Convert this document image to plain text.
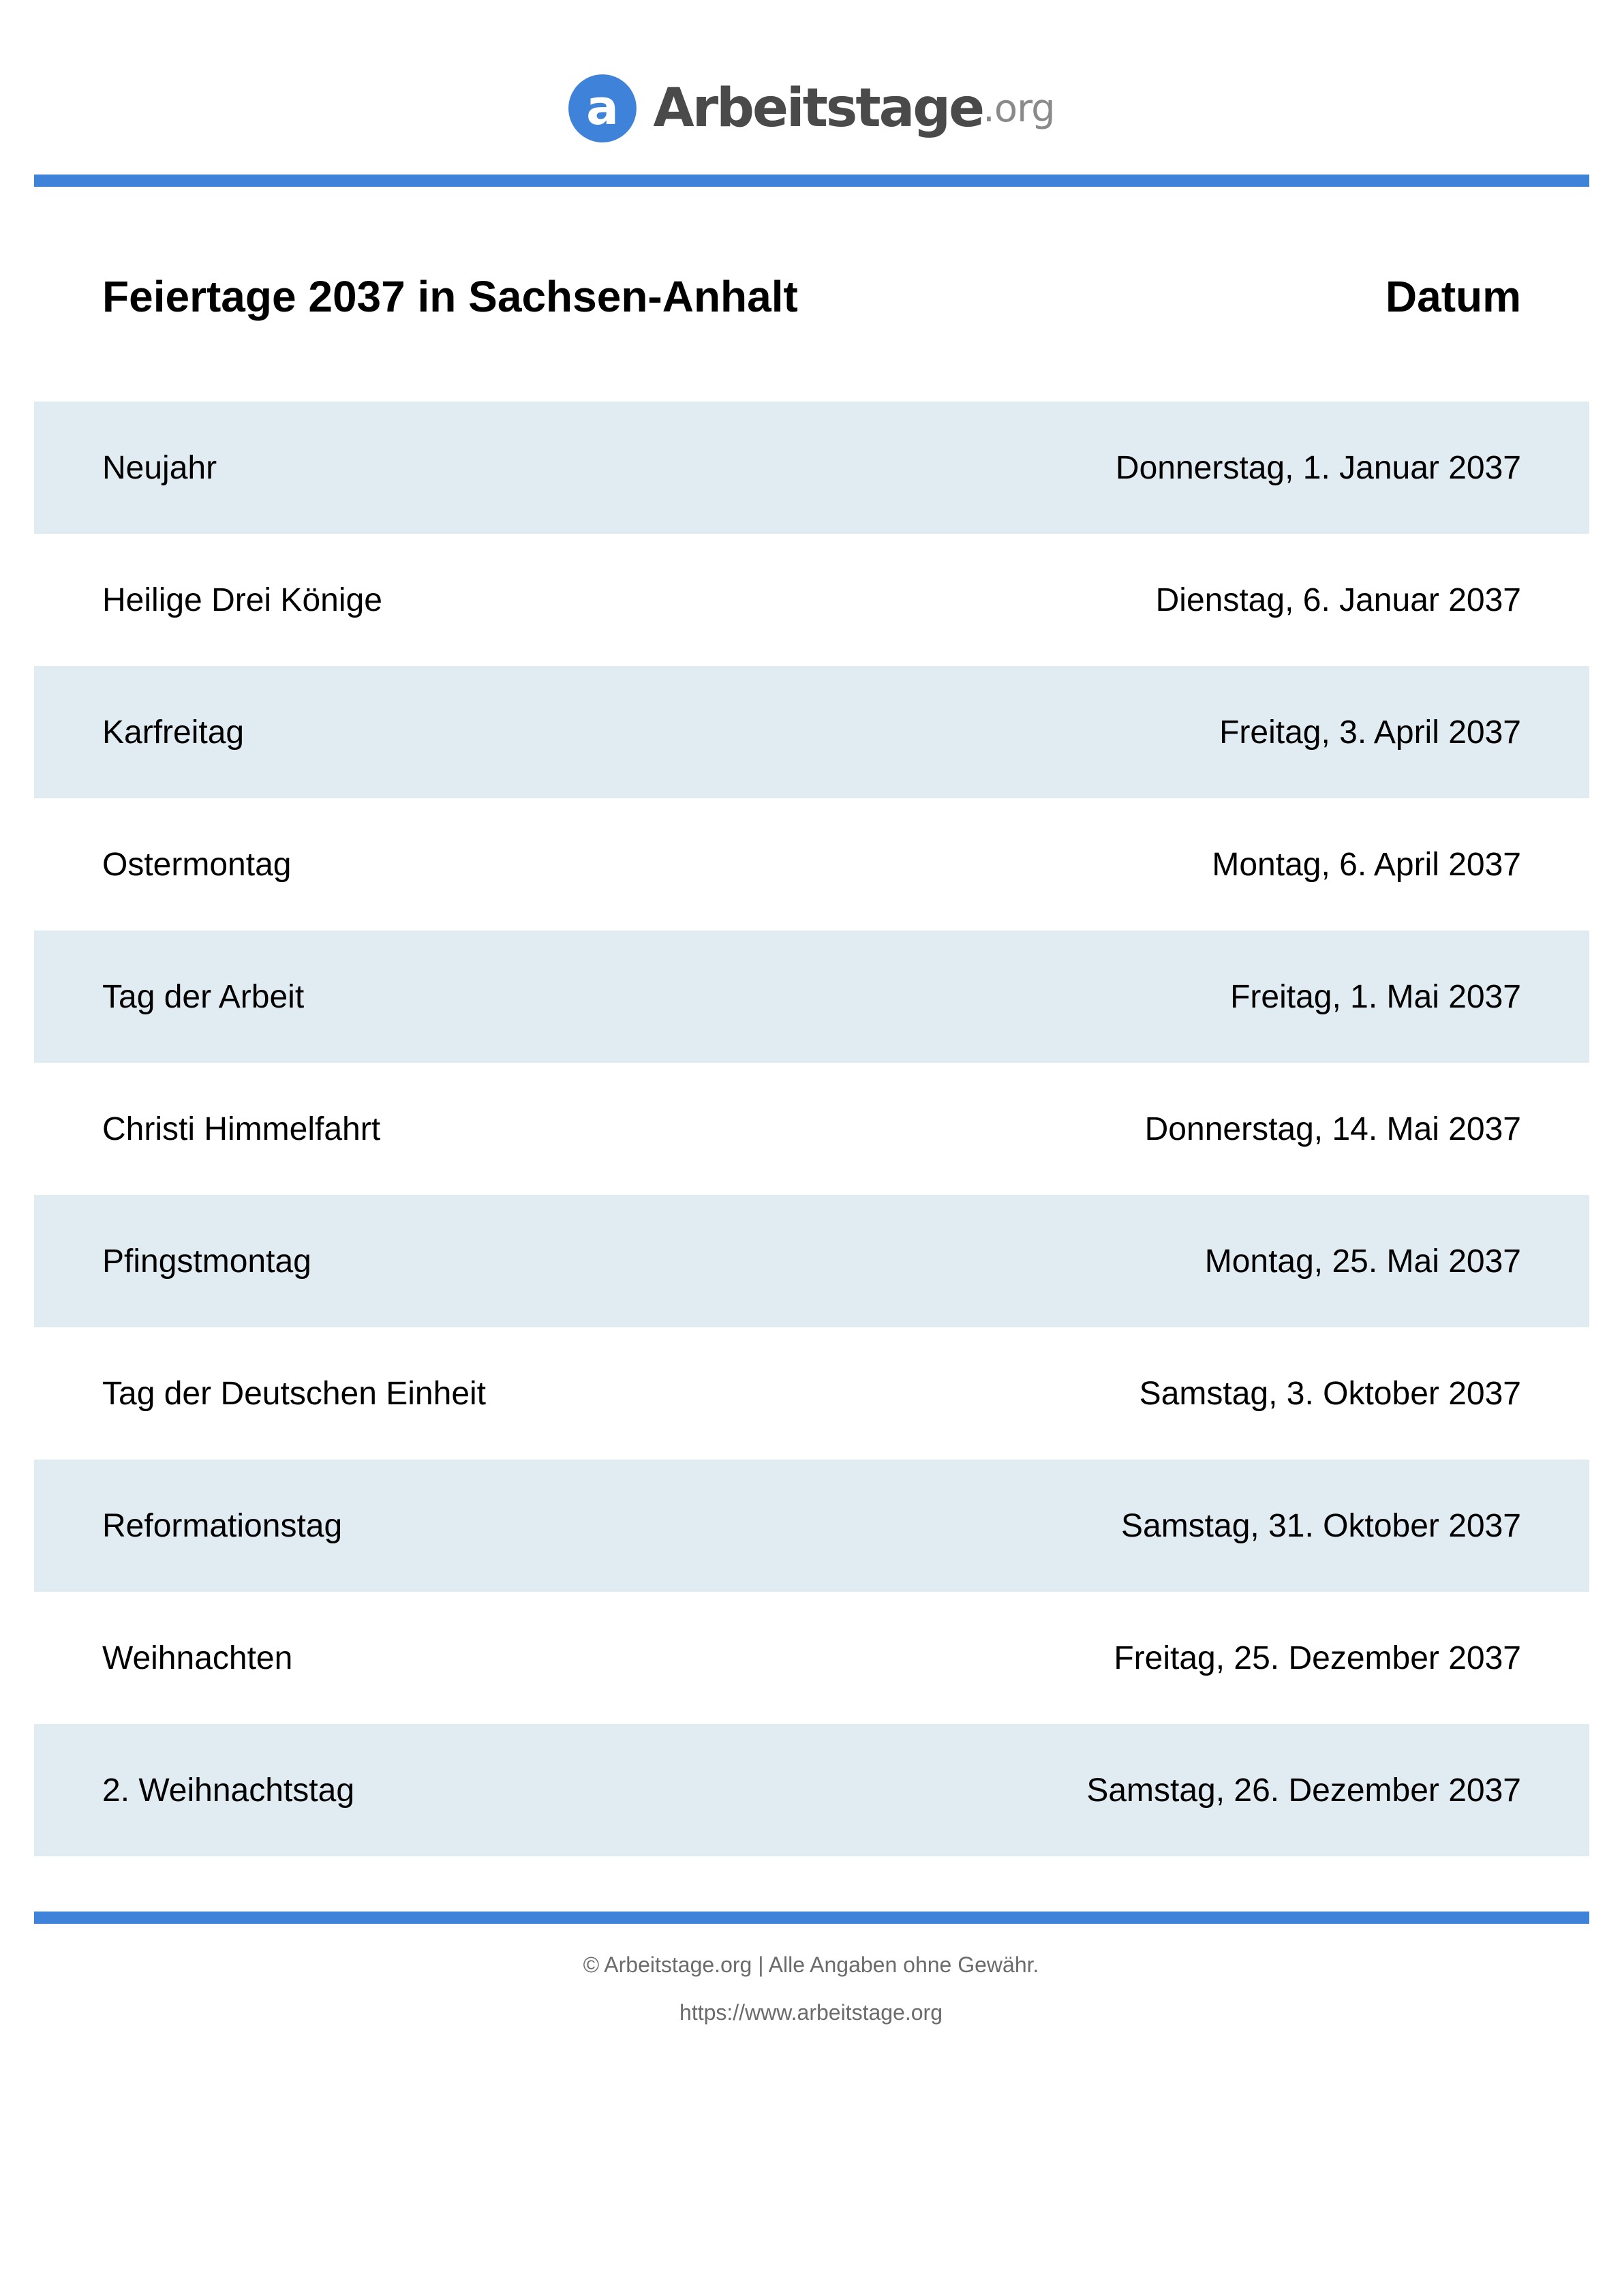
a Arbeitstage .org
Feiertage 2037 in Sachsen-Anhalt	Datum
Neujahr	Donnerstag, 1. Januar 2037
Heilige Drei Könige	Dienstag, 6. Januar 2037
Karfreitag	Freitag, 3. April 2037
Ostermontag	Montag, 6. April 2037
Tag der Arbeit	Freitag, 1. Mai 2037
Christi Himmelfahrt	Donnerstag, 14. Mai 2037
Pfingstmontag	Montag, 25. Mai 2037
Tag der Deutschen Einheit	Samstag, 3. Oktober 2037
Reformationstag	Samstag, 31. Oktober 2037
Weihnachten	Freitag, 25. Dezember 2037
2. Weihnachtstag	Samstag, 26. Dezember 2037
© Arbeitstage.org | Alle Angaben ohne Gewähr.
https://www.arbeitstage.org
